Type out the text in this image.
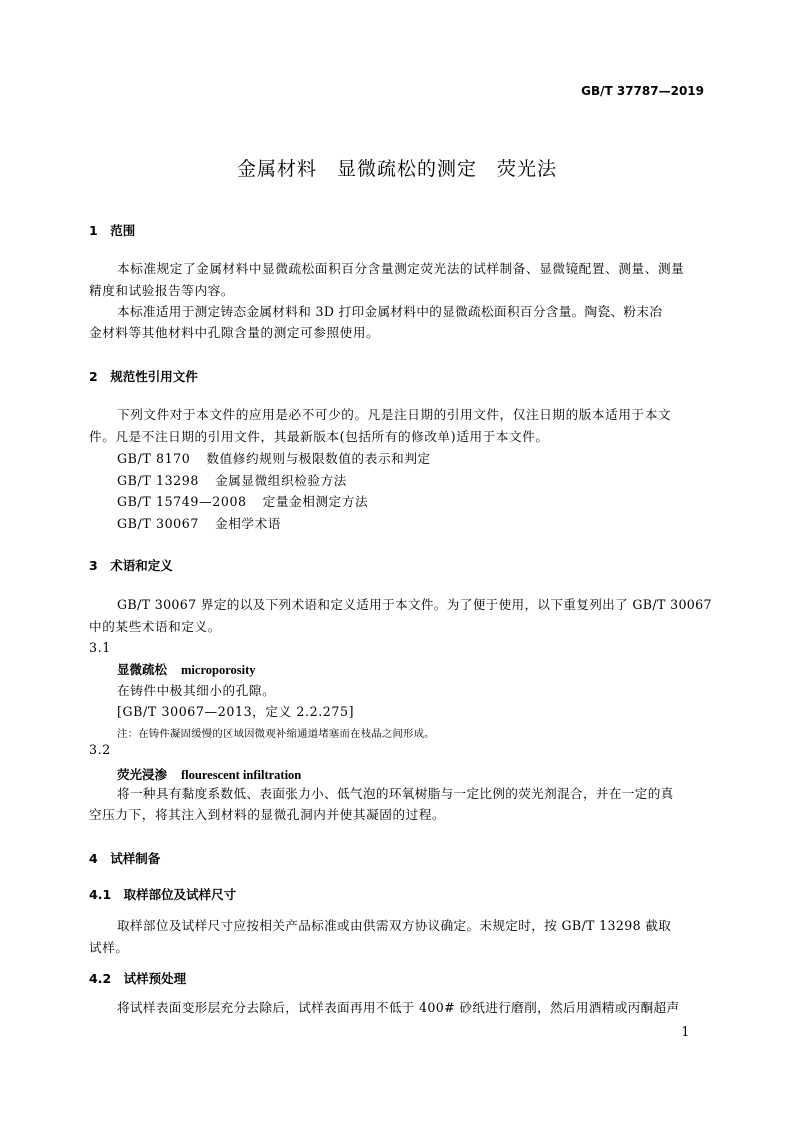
GB/T 37787—2019
金属材料　显微疏松的测定　荧光法
1　范围
本标准规定了金属材料中显微疏松面积百分含量测定荧光法的试样制备、显微镜配置、测量、测量
精度和试验报告等内容。
本标准适用于测定铸态金属材料和 3D 打印金属材料中的显微疏松面积百分含量。陶瓷、粉末冶
金材料等其他材料中孔隙含量的测定可参照使用。
2　规范性引用文件
下列文件对于本文件的应用是必不可少的。凡是注日期的引用文件，仅注日期的版本适用于本文
件。凡是不注日期的引用文件，其最新版本(包括所有的修改单)适用于本文件。
GB/T 8170 数值修约规则与极限数值的表示和判定
GB/T 13298 金属显微组织检验方法
GB/T 15749—2008 定量金相测定方法
GB/T 30067 金相学术语
3　术语和定义
GB/T 30067 界定的以及下列术语和定义适用于本文件。为了便于使用，以下重复列出了 GB/T 30067
中的某些术语和定义。
3.1
显微疏松 microporosity
在铸件中极其细小的孔隙。
[GB/T 30067—2013，定义 2.2.275]
注：在铸件凝固缓慢的区域因微观补缩通道堵塞而在枝晶之间形成。
3.2
荧光浸渗 flourescent infiltration
将一种具有黏度系数低、表面张力小、低气泡的环氧树脂与一定比例的荧光剂混合，并在一定的真
空压力下，将其注入到材料的显微孔洞内并使其凝固的过程。
4　试样制备
4.1　取样部位及试样尺寸
取样部位及试样尺寸应按相关产品标准或由供需双方协议确定。未规定时，按 GB/T 13298 截取
试样。
4.2　试样预处理
将试样表面变形层充分去除后，试样表面再用不低于 400# 砂纸进行磨削，然后用酒精或丙酮超声
1
